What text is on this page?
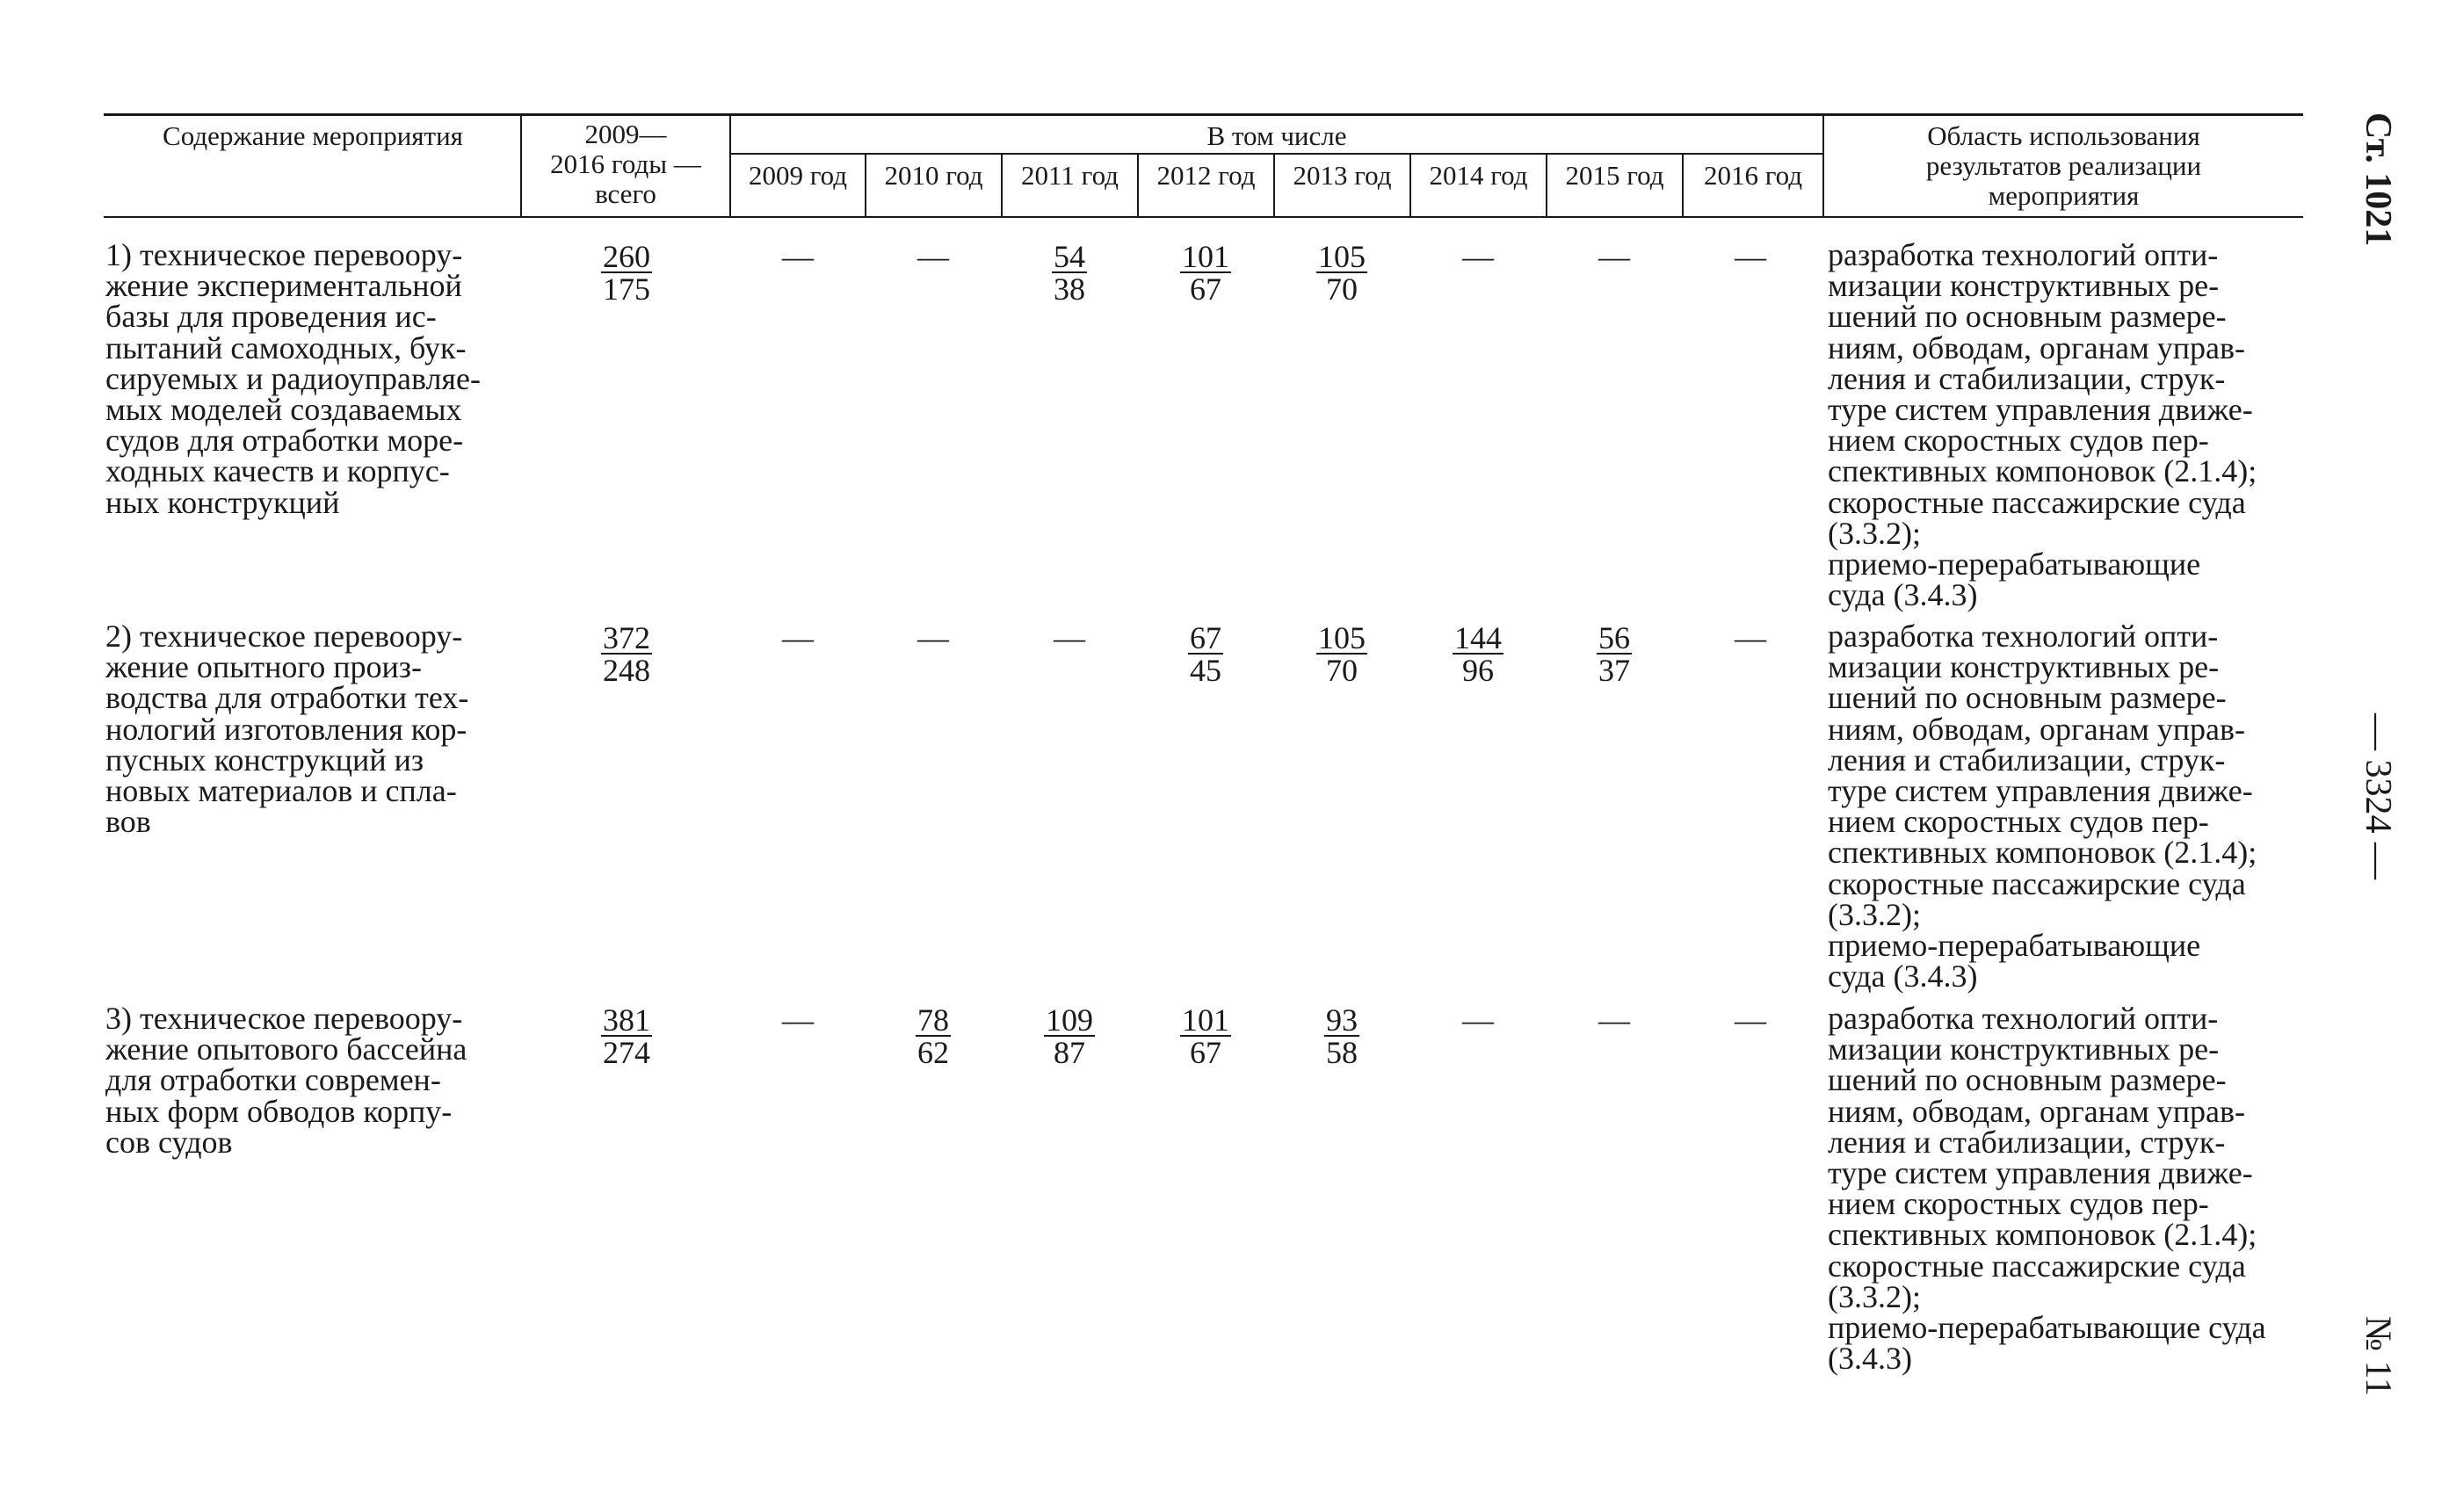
Содержание мероприятия	2009—
2016 годы —
всего
В том числе
2009 год 2010 год 2011 год 2012 год 2013 год 2014 год 2015 год 2016 год
Область использования
результатов реализации
мероприятия
1) техническое перевоору-
жение экспериментальной
базы для проведения ис-
пытаний самоходных, бук-
сируемых и радиоуправляе-
мых моделей создаваемых
судов для отработки море-
ходных качеств и корпус-
ных конструкций
$\frac{260}{175}$	—	—	$\frac{54}{38} \frac{101}{67} \frac{105}{70}$	—	—	—	разработка технологий опти-
мизации конструктивных ре-
шений по основным размере-
ниям, обводам, органам управ-
ления и стабилизации, струк-
туре систем управления движе-
нием скоростных судов пер-
спективных компоновок (2.1.4);
скоростные пассажирские суда
(3.3.2);
приемо-перерабатывающие
суда (3.4.3)
2) техническое перевоору-
жение опытного произ-
водства для отработки тех-
нологий изготовления кор-
пусных конструкций из
новых материалов и спла-
вов
$\frac{372}{248}$	—	—	—	$\frac{67}{45} \frac{105}{70} \frac{144}{96} \frac{56}{37}$	—	разработка технологий опти-
мизации конструктивных ре-
шений по основным размере-
ниям, обводам, органам управ-
ления и стабилизации, струк-
туре систем управления движе-
нием скоростных судов пер-
спективных компоновок (2.1.4);
скоростные пассажирские суда
(3.3.2);
приемо-перерабатывающие
суда (3.4.3)
3) техническое перевоору-
жение опытового бассейна
для отработки современ-
ных форм обводов корпу-
сов судов
$\frac{381}{274}$	—	$\frac{78}{62} \frac{109}{87} \frac{101}{67} \frac{93}{58}$	—	—	—	разработка технологий опти-
мизации конструктивных ре-
шений по основным размере-
ниям, обводам, органам управ-
ления и стабилизации, струк-
туре систем управления движе-
нием скоростных судов пер-
спективных компоновок (2.1.4);
скоростные пассажирские суда
(3.3.2);
приемо-перерабатывающие суда
(3.4.3)
Ст. 1021
— 3324 —
№ 11
